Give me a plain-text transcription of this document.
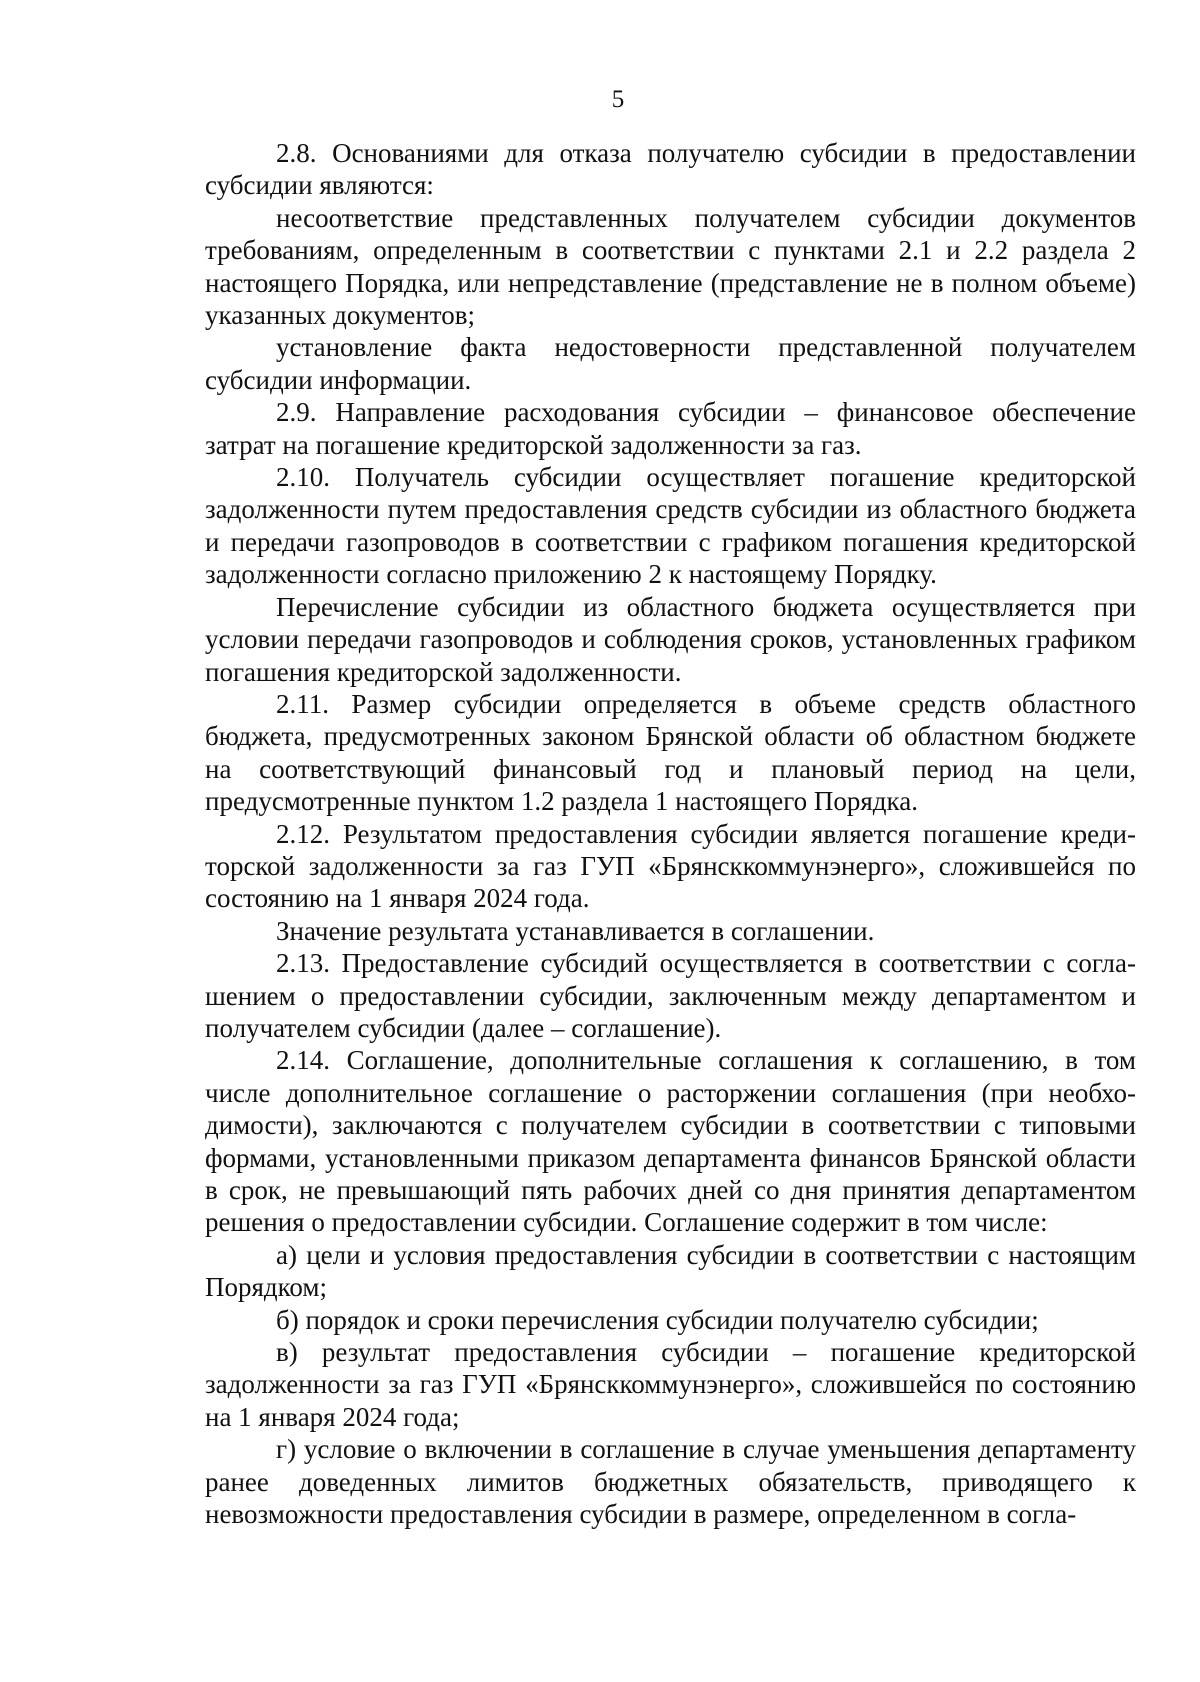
5

2.8. Основаниями для отказа получателю субсидии в предоставлении субсидии являются:

несоответствие представленных получателем субсидии документов требованиям, определенным в соответствии с пунктами 2.1 и 2.2 раздела 2 настоящего Порядка, или непредставление (представление не в полном объеме) указанных документов;

установление факта недостоверности представленной получателем субсидии информации.

2.9. Направление расходования субсидии – финансовое обеспечение затрат на погашение кредиторской задолженности за газ.

2.10. Получатель субсидии осуществляет погашение кредиторской задолженности путем предоставления средств субсидии из областного бюджета и передачи газопроводов в соответствии с графиком погашения кредиторской задолженности согласно приложению 2 к настоящему Порядку.

Перечисление субсидии из областного бюджета осуществляется при условии передачи газопроводов и соблюдения сроков, установленных графиком погашения кредиторской задолженности.

2.11. Размер субсидии определяется в объеме средств областного бюджета, предусмотренных законом Брянской области об областном бюджете на соответствующий финансовый год и плановый период на цели, предусмотренные пунктом 1.2 раздела 1 настоящего Порядка.

2.12. Результатом предоставления субсидии является погашение кредиторской задолженности за газ ГУП «Брянсккоммунэнерго», сложившейся по состоянию на 1 января 2024 года.

Значение результата устанавливается в соглашении.

2.13. Предоставление субсидий осуществляется в соответствии с соглашением о предоставлении субсидии, заключенным между департаментом и получателем субсидии (далее – соглашение).

2.14. Соглашение, дополнительные соглашения к соглашению, в том числе дополнительное соглашение о расторжении соглашения (при необходимости), заключаются с получателем субсидии в соответствии с типовыми формами, установленными приказом департамента финансов Брянской области в срок, не превышающий пять рабочих дней со дня принятия департаментом решения о предоставлении субсидии. Соглашение содержит в том числе:

а) цели и условия предоставления субсидии в соответствии с настоящим Порядком;

б) порядок и сроки перечисления субсидии получателю субсидии;

в) результат предоставления субсидии – погашение кредиторской задолженности за газ ГУП «Брянсккоммунэнерго», сложившейся по состоянию на 1 января 2024 года;

г) условие о включении в соглашение в случае уменьшения департаменту ранее доведенных лимитов бюджетных обязательств, приводящего к невозможности предоставления субсидии в размере, определенном в согла-
